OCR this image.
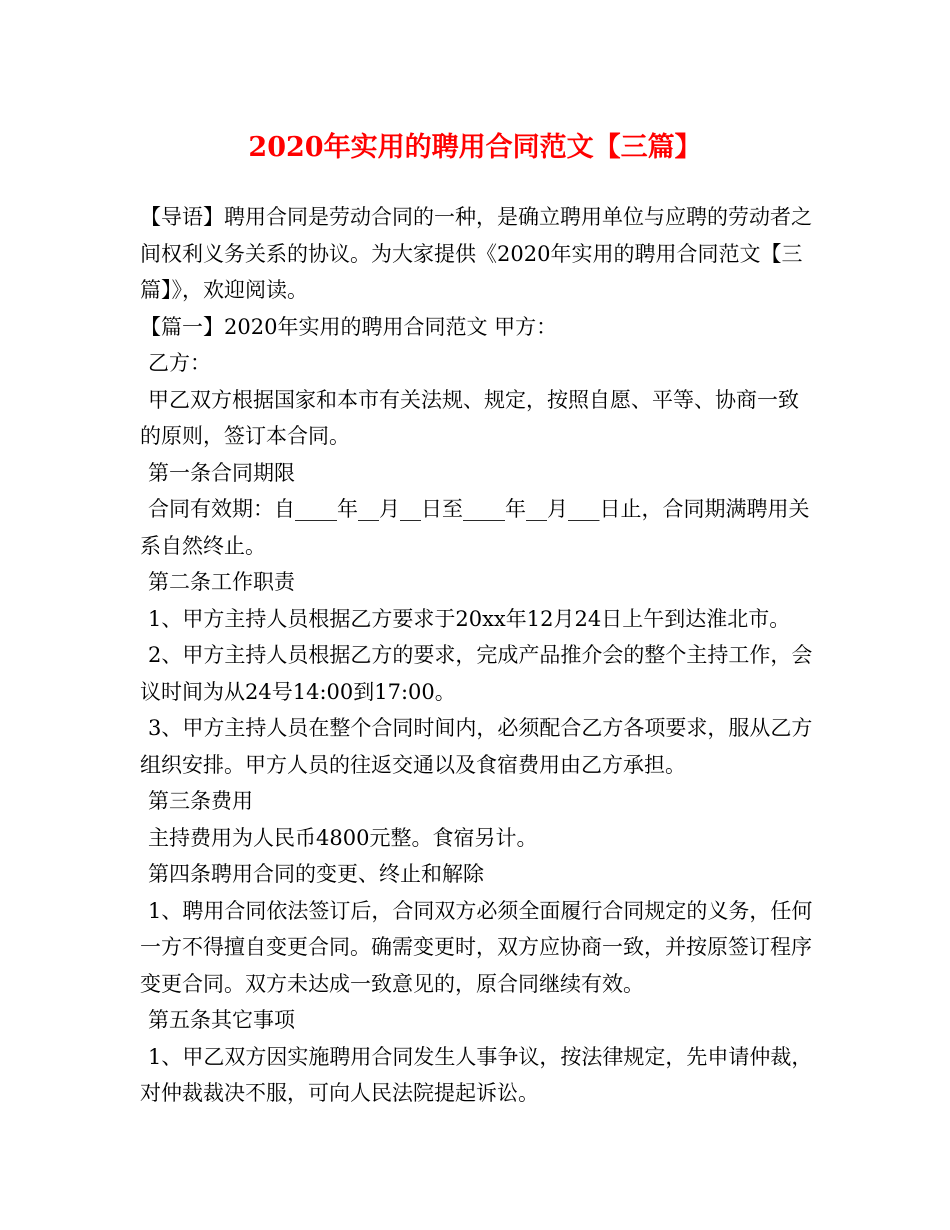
2020年实用的聘用合同范文【三篇】

【导语】聘用合同是劳动合同的一种，是确立聘用单位与应聘的劳动者之间权利义务关系的协议。为大家提供《2020年实用的聘用合同范文【三篇】》，欢迎阅读。

【篇一】2020年实用的聘用合同范文 甲方：

乙方：

甲乙双方根据国家和本市有关法规、规定，按照自愿、平等、协商一致的原则，签订本合同。

第一条合同期限

合同有效期：自____年__月__日至____年__月___日止，合同期满聘用关系自然终止。

第二条工作职责

1、甲方主持人员根据乙方要求于20xx年12月24日上午到达淮北市。

2、甲方主持人员根据乙方的要求，完成产品推介会的整个主持工作，会议时间为从24号14:00到17:00。

3、甲方主持人员在整个合同时间内，必须配合乙方各项要求，服从乙方组织安排。甲方人员的往返交通以及食宿费用由乙方承担。

第三条费用

主持费用为人民币4800元整。食宿另计。

第四条聘用合同的变更、终止和解除

1、聘用合同依法签订后，合同双方必须全面履行合同规定的义务，任何一方不得擅自变更合同。确需变更时，双方应协商一致，并按原签订程序变更合同。双方未达成一致意见的，原合同继续有效。

第五条其它事项

1、甲乙双方因实施聘用合同发生人事争议，按法律规定，先申请仲裁，对仲裁裁决不服，可向人民法院提起诉讼。
